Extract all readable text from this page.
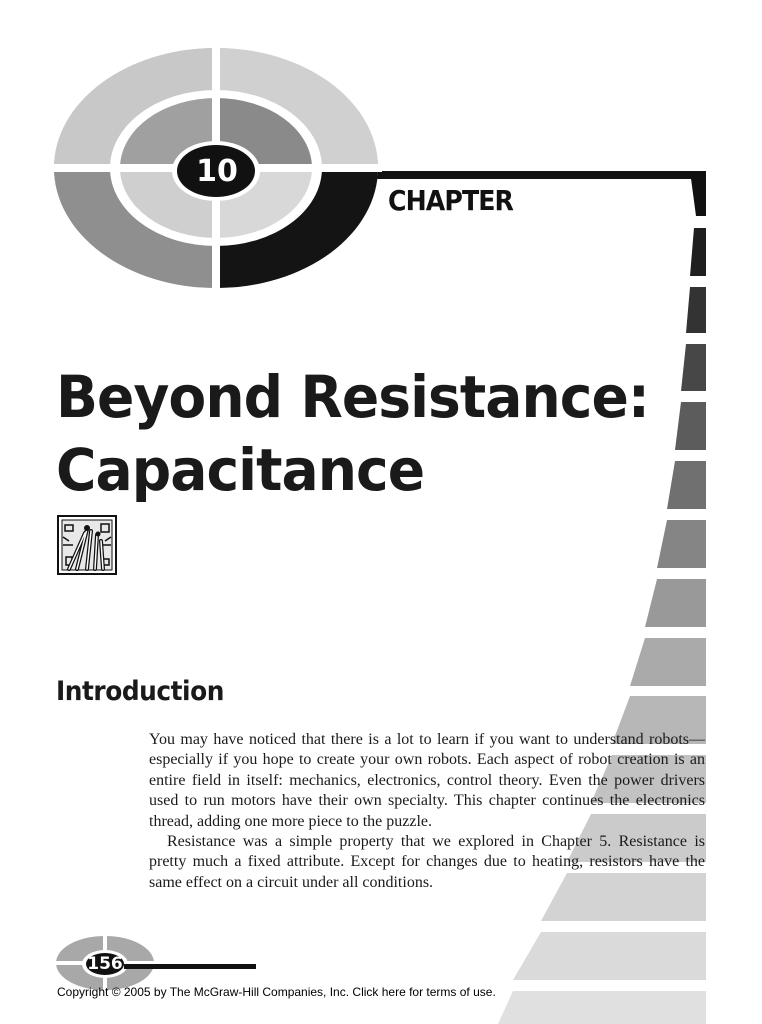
10
CHAPTER
Beyond Resistance:
Capacitance
Introduction

You may have noticed that there is a lot to learn if you want to understand robots—especially if you hope to create your own robots. Each aspect of robot creation is an entire field in itself: mechanics, electronics, control theory. Even the power drivers used to run motors have their own specialty. This chapter continues the electronics thread, adding one more piece to the puzzle.

Resistance was a simple property that we explored in Chapter 5. Resistance is pretty much a fixed attribute. Except for changes due to heating, resistors have the same effect on a circuit under all conditions.

156
Copyright © 2005 by The McGraw-Hill Companies, Inc. Click here for terms of use.
